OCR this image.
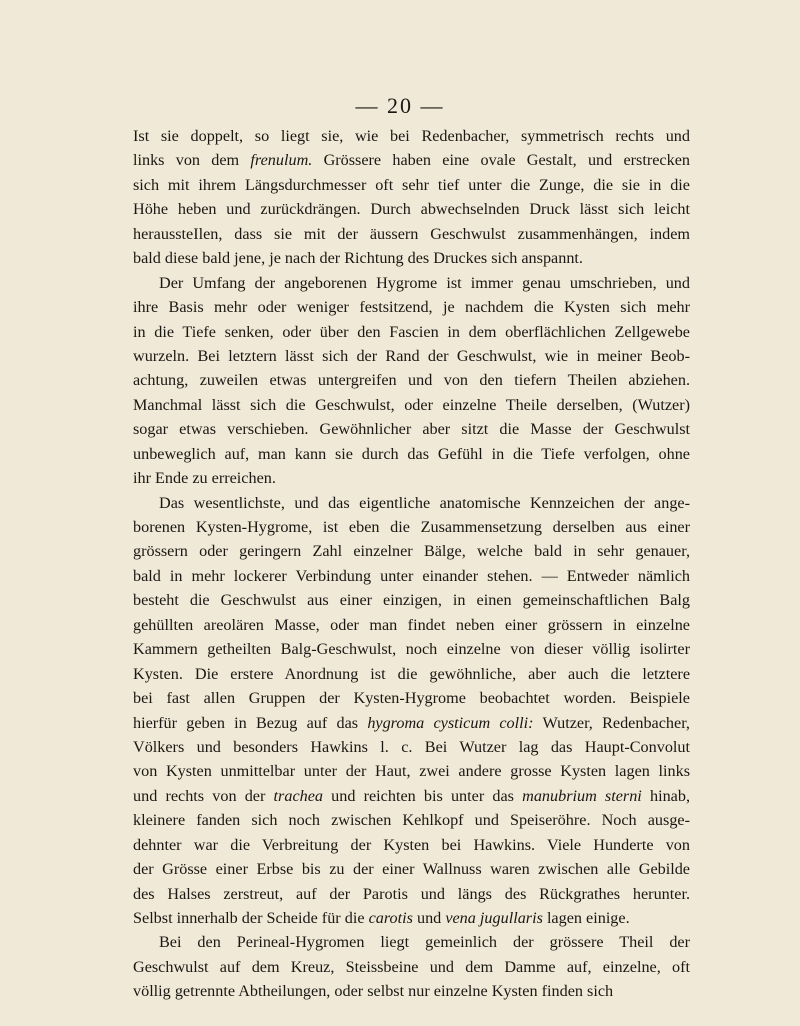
— 20 —
Ist sie doppelt, so liegt sie, wie bei Redenbacher, symmetrisch rechts und
links von dem frenulum. Grössere haben eine ovale Gestalt, und erstrecken
sich mit ihrem Längsdurchmesser oft sehr tief unter die Zunge, die sie in die
Höhe heben und zurückdrängen. Durch abwechselnden Druck lässt sich leicht
heraussteIlen, dass sie mit der äussern Geschwulst zusammenhängen, indem
bald diese bald jene, je nach der Richtung des Druckes sich anspannt.
Der Umfang der angeborenen Hygrome ist immer genau umschrieben, und
ihre Basis mehr oder weniger festsitzend, je nachdem die Kysten sich mehr
in die Tiefe senken, oder über den Fascien in dem oberflächlichen Zellgewebe
wurzeln. Bei letztern lässt sich der Rand der Geschwulst, wie in meiner Beob-
achtung, zuweilen etwas untergreifen und von den tiefern Theilen abziehen.
Manchmal lässt sich die Geschwulst, oder einzelne Theile derselben, (Wutzer)
sogar etwas verschieben. Gewöhnlicher aber sitzt die Masse der Geschwulst
unbeweglich auf, man kann sie durch das Gefühl in die Tiefe verfolgen, ohne
ihr Ende zu erreichen.
Das wesentlichste, und das eigentliche anatomische Kennzeichen der ange-
borenen Kysten-Hygrome, ist eben die Zusammensetzung derselben aus einer
grössern oder geringern Zahl einzelner Bälge, welche bald in sehr genauer,
bald in mehr lockerer Verbindung unter einander stehen. — Entweder nämlich
besteht die Geschwulst aus einer einzigen, in einen gemeinschaftlichen Balg
gehüllten areolären Masse, oder man findet neben einer grössern in einzelne
Kammern getheilten Balg-Geschwulst, noch einzelne von dieser völlig isolirter
Kysten. Die erstere Anordnung ist die gewöhnliche, aber auch die letztere
bei fast allen Gruppen der Kysten-Hygrome beobachtet worden. Beispiele
hierfür geben in Bezug auf das hygroma cysticum colli: Wutzer, Redenbacher,
Völkers und besonders Hawkins l. c. Bei Wutzer lag das Haupt-Convolut
von Kysten unmittelbar unter der Haut, zwei andere grosse Kysten lagen links
und rechts von der trachea und reichten bis unter das manubrium sterni hinab,
kleinere fanden sich noch zwischen Kehlkopf und Speiseröhre. Noch ausge-
dehnter war die Verbreitung der Kysten bei Hawkins. Viele Hunderte von
der Grösse einer Erbse bis zu der einer Wallnuss waren zwischen alle Gebilde
des Halses zerstreut, auf der Parotis und längs des Rückgrathes herunter.
Selbst innerhalb der Scheide für die carotis und vena jugullaris lagen einige.
Bei den Perineal-Hygromen liegt gemeinlich der grössere Theil der
Geschwulst auf dem Kreuz, Steissbeine und dem Damme auf, einzelne, oft
völlig getrennte Abtheilungen, oder selbst nur einzelne Kysten finden sich
